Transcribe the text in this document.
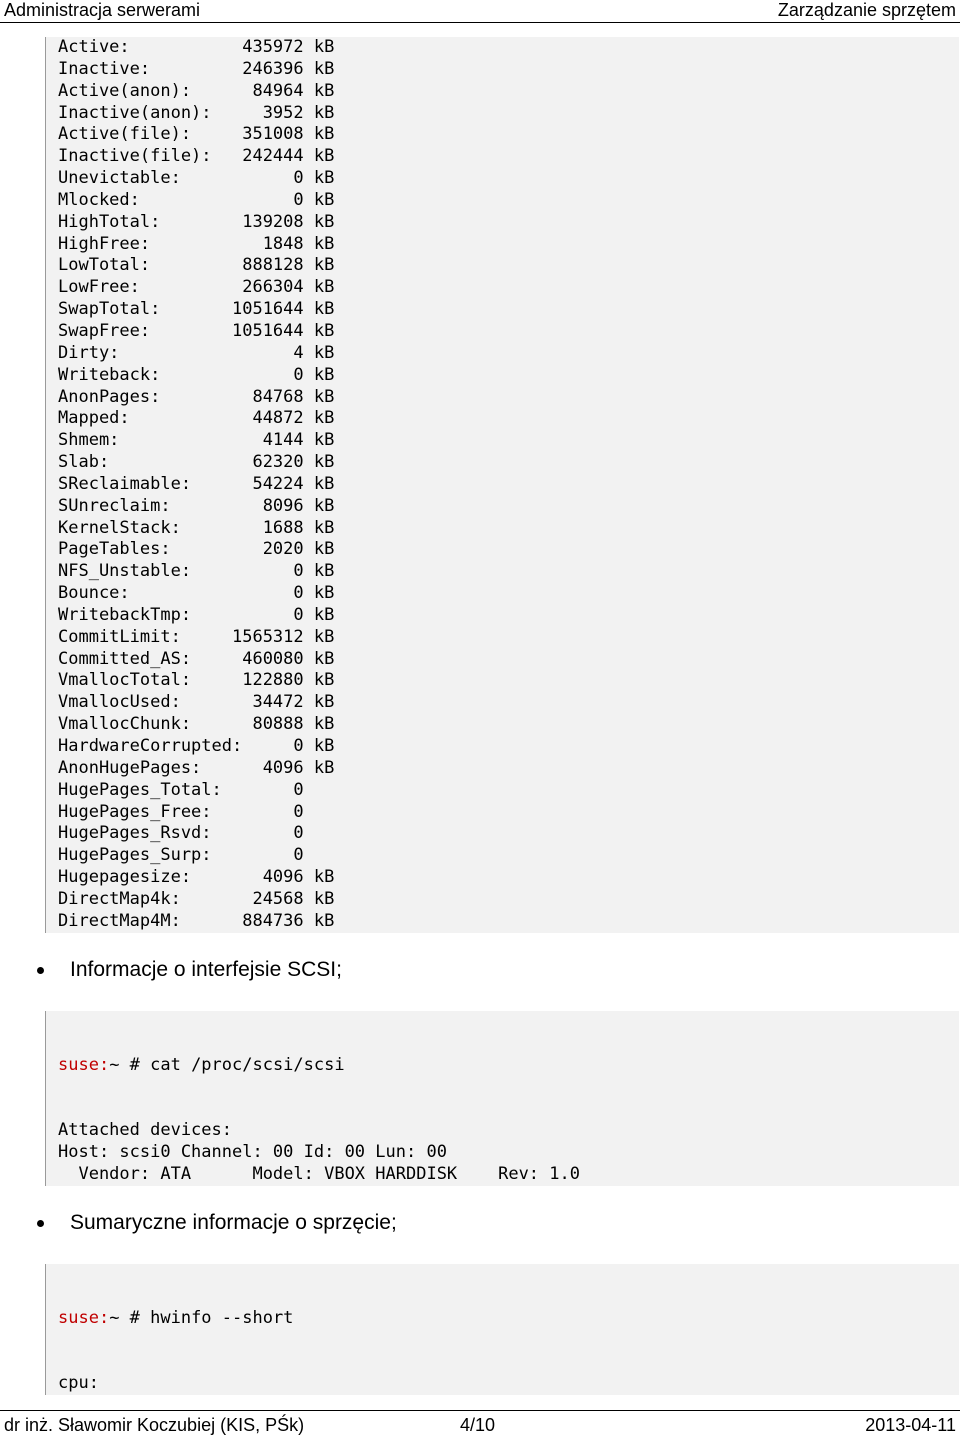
Administracja serwerami	Zarządzanie sprzętem
Active:           435972 kB
Inactive:         246396 kB
Active(anon):      84964 kB
Inactive(anon):     3952 kB
Active(file):     351008 kB
Inactive(file):   242444 kB
Unevictable:           0 kB
Mlocked:               0 kB
HighTotal:        139208 kB
HighFree:           1848 kB
LowTotal:         888128 kB
LowFree:          266304 kB
SwapTotal:       1051644 kB
SwapFree:        1051644 kB
Dirty:                 4 kB
Writeback:             0 kB
AnonPages:         84768 kB
Mapped:            44872 kB
Shmem:              4144 kB
Slab:              62320 kB
SReclaimable:      54224 kB
SUnreclaim:         8096 kB
KernelStack:        1688 kB
PageTables:         2020 kB
NFS_Unstable:          0 kB
Bounce:                0 kB
WritebackTmp:          0 kB
CommitLimit:     1565312 kB
Committed_AS:     460080 kB
VmallocTotal:     122880 kB
VmallocUsed:       34472 kB
VmallocChunk:      80888 kB
HardwareCorrupted:     0 kB
AnonHugePages:      4096 kB
HugePages_Total:       0
HugePages_Free:        0
HugePages_Rsvd:        0
HugePages_Surp:        0
Hugepagesize:       4096 kB
DirectMap4k:       24568 kB
DirectMap4M:      884736 kB
Informacje o interfejsie SCSI;

suse:~ # cat /proc/scsi/scsi

Attached devices:
Host: scsi0 Channel: 00 Id: 00 Lun: 00
Vendor: ATA      Model: VBOX HARDDISK    Rev: 1.0

Sumaryczne informacje o sprzęcie;

suse:~ # hwinfo --short

cpu:

dr inż. Sławomir Koczubiej (KIS, PŚk)	4/10	2013-04-11
